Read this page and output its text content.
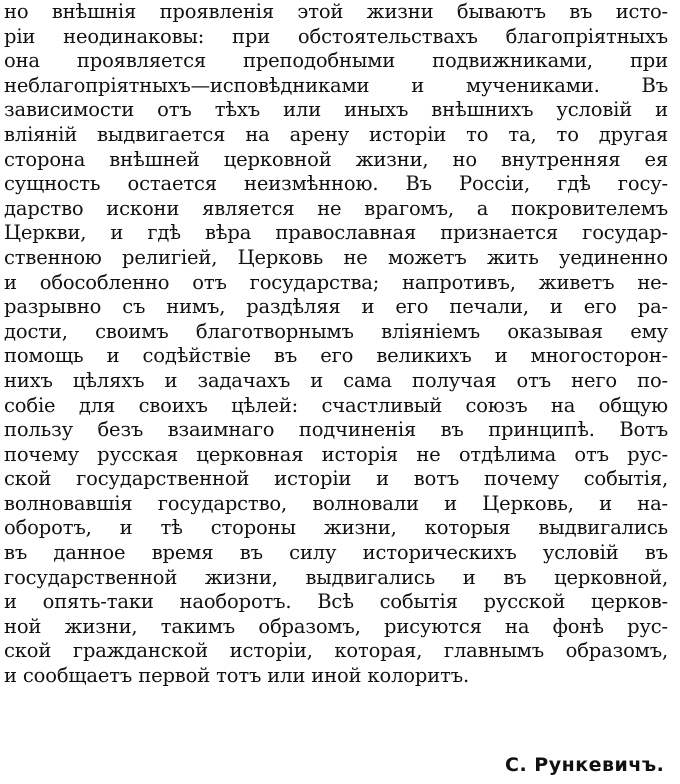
но внѣшнія проявленія этой жизни бываютъ въ исто-
ріи неодинаковы: при обстоятельствахъ благопріятныхъ
она проявляется преподобными подвижниками, при
неблагопріятныхъ—исповѣдниками и мучениками. Въ
зависимости отъ тѣхъ или иныхъ внѣшнихъ условій и
вліяній выдвигается на арену исторіи то та, то другая
сторона внѣшней церковной жизни, но внутренняя ея
сущность остается неизмѣнною. Въ Россіи, гдѣ госу-
дарство искони является не врагомъ, а покровителемъ
Церкви, и гдѣ вѣра православная признается государ-
ственною религіей, Церковь не можетъ жить уединенно
и обособленно отъ государства; напротивъ, живетъ не-
разрывно съ нимъ, раздѣляя и его печали, и его ра-
дости, своимъ благотворнымъ вліяніемъ оказывая ему
помощь и содѣйствіе въ его великихъ и многосторон-
нихъ цѣляхъ и задачахъ и сама получая отъ него по-
собіе для своихъ цѣлей: счастливый союзъ на общую
пользу безъ взаимнаго подчиненія въ принципѣ. Вотъ
почему русская церковная исторія не отдѣлима отъ рус-
ской государственной исторіи и вотъ почему событія,
волновавшія государство, волновали и Церковь, и на-
оборотъ, и тѣ стороны жизни, которыя выдвигались
въ данное время въ силу историческихъ условій въ
государственной жизни, выдвигались и въ церковной,
и опять-таки наоборотъ. Всѣ событія русской церков-
ной жизни, такимъ образомъ, рисуются на фонѣ рус-
ской гражданской исторіи, которая, главнымъ образомъ,
и сообщаетъ первой тотъ или иной колоритъ.
С. Рункевичъ.
